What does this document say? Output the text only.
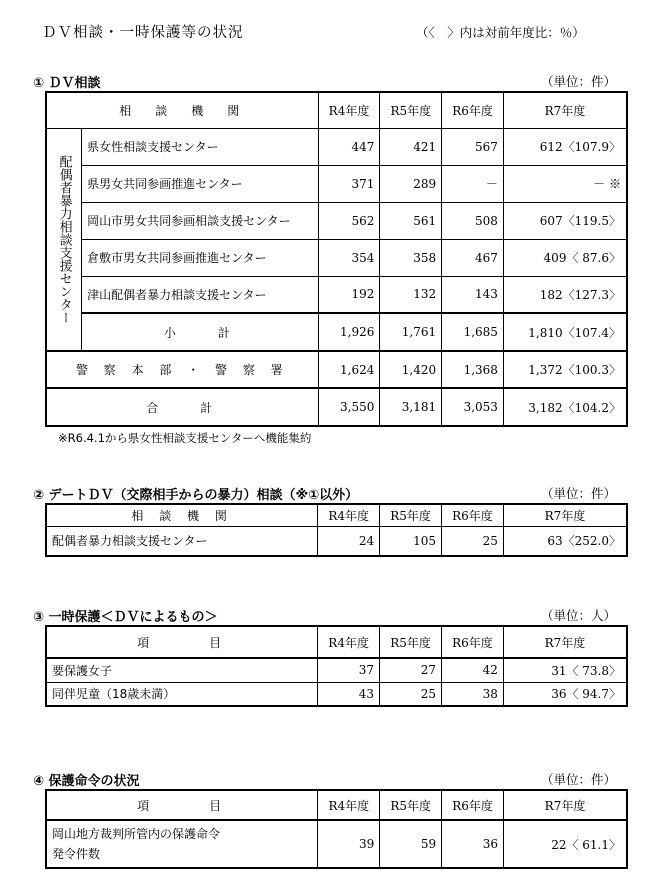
ＤＶ相談・一時保護等の状況	（〈　〉内は対前年度比：％）
① ＤＶ相談	（単位：件）
相　談　機　関		R4年度	R5年度	R6年度	R7年度
配偶者暴力相談支援センター	県女性相談支援センター	447	421	567	612〈107.9〉
	県男女共同参画推進センター	371	289	－	－ ※
	岡山市男女共同参画相談支援センター	562	561	508	607〈119.5〉
	倉敷市男女共同参画推進センター	354	358	467	409〈 87.6〉
	津山配偶者暴力相談支援センター	192	132	143	182〈127.3〉
	小　　計	1,926	1,761	1,685	1,810〈107.4〉
警 察 本 部 ・ 警 察 署		1,624	1,420	1,368	1,372〈100.3〉
合　　計		3,550	3,181	3,053	3,182〈104.2〉
※R6.4.1から県女性相談支援センターへ機能集約
② デートＤＶ（交際相手からの暴力）相談（※①以外）	（単位：件）
相 談 機 関	R4年度	R5年度	R6年度	R7年度
配偶者暴力相談支援センター	24	105	25	63〈252.0〉
③ 一時保護＜ＤＶによるもの＞	（単位：人）
項　　　目	R4年度	R5年度	R6年度	R7年度
要保護女子	37	27	42	31〈 73.8〉
同伴児童（18歳未満）	43	25	38	36〈 94.7〉
④ 保護命令の状況	（単位：件）
項　　　目	R4年度	R5年度	R6年度	R7年度

岡山地方裁判所管内の保護命令
発令件数	39	59	36	22〈 61.1〉
